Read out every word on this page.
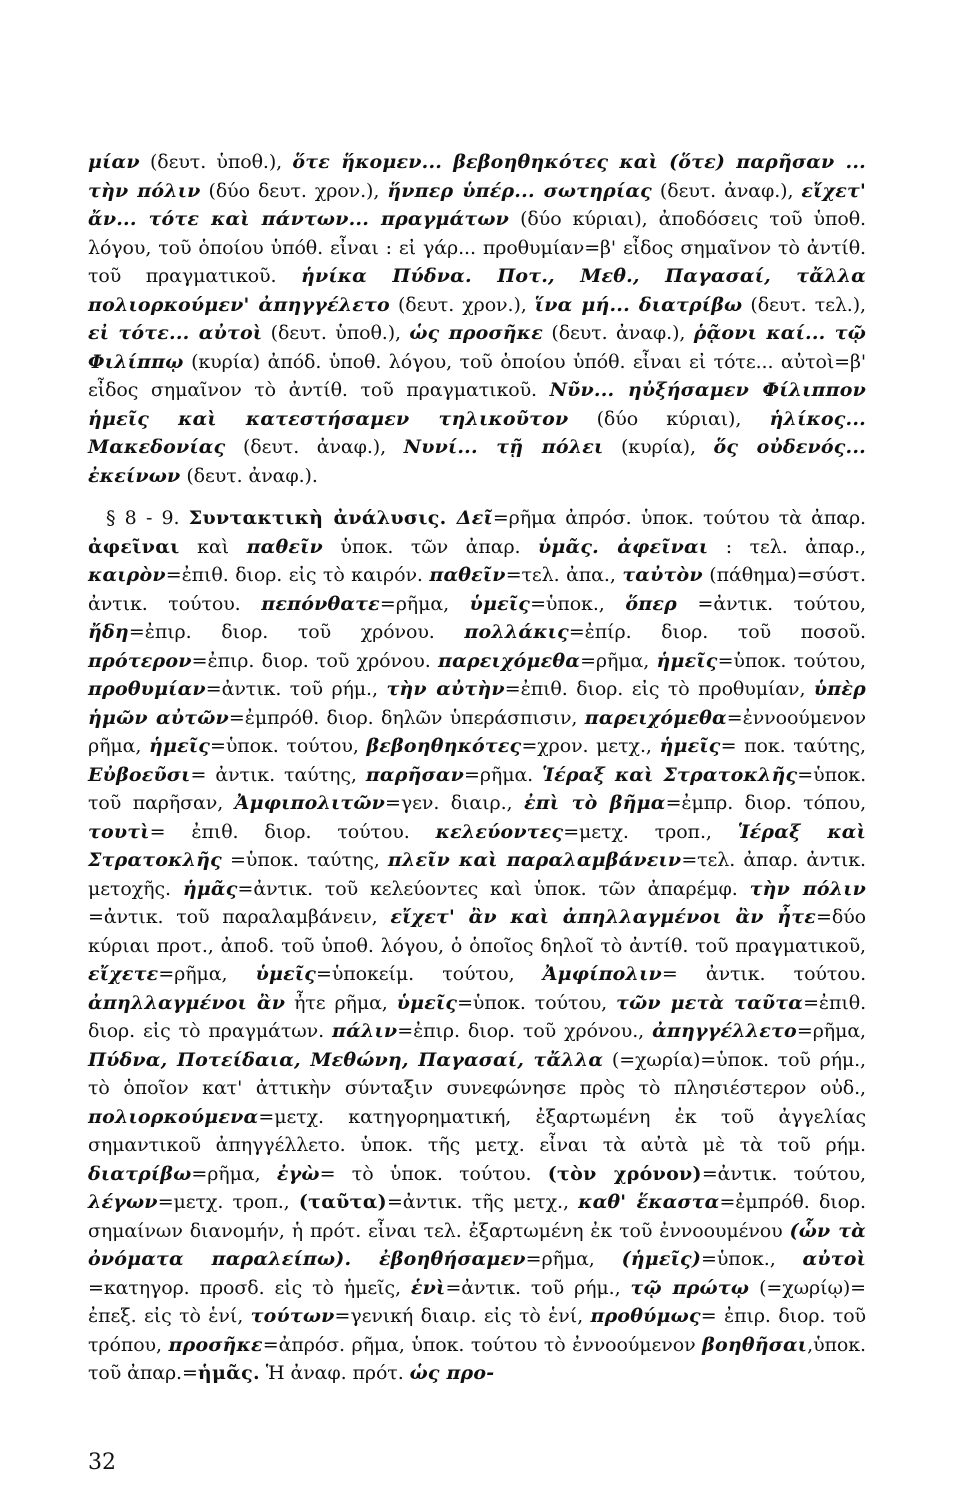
μίαν (δευτ. ὑποθ.), ὅτε ἥκομεν... βεβοηθηκότες καὶ (ὅτε) παρῆσαν ... τὴν πόλιν (δύο δευτ. χρον.), ἥνπερ ὑπέρ... σωτηρίας (δευτ. ἀναφ.), εἴχετ' ἄν... τότε καὶ πάντων... πραγμάτων (δύο κύριαι), ἀποδόσεις τοῦ ὑποθ. λόγου, τοῦ ὁποίου ὑπόθ. εἶναι : εἰ γάρ... προθυμίαν=β' εἶδος σημαῖνον τὸ ἀντίθ. τοῦ πραγματικοῦ. ἡνίκα Πύδνα. Ποτ., Μεθ., Παγασαί, τἄλλα πολιορκούμεν' ἀπηγγέλετο (δευτ. χρον.), ἵνα μή... διατρίβω (δευτ. τελ.), εἰ τότε... αὐτοὶ (δευτ. ὑποθ.), ὡς προσῆκε (δευτ. ἀναφ.), ῥᾷονι καί... τῷ Φιλίππῳ (κυρία) ἀπόδ. ὑποθ. λόγου, τοῦ ὁποίου ὑπόθ. εἶναι εἰ τότε... αὐτοὶ=β' εἶδος σημαῖνον τὸ ἀντίθ. τοῦ πραγματικοῦ. Νῦν... ηὐξήσαμεν Φίλιππον ἡμεῖς καὶ κατεστήσαμεν τηλικοῦτον (δύο κύριαι), ἡλίκος... Μακεδονίας (δευτ. ἀναφ.), Νυνί... τῇ πόλει (κυρία), ὅς οὐδενός... ἐκείνων (δευτ. ἀναφ.).

§ 8 - 9. Συντακτικὴ ἀνάλυσις. Δεῖ=ρῆμα ἀπρόσ. ὑποκ. τούτου τὰ ἀπαρ. ἀφεῖναι καὶ παθεῖν ὑποκ. τῶν ἀπαρ. ὑμᾶς. ἀφεῖναι : τελ. ἀπαρ., καιρὸν=ἐπιθ. διορ. εἰς τὸ καιρόν. παθεῖν=τελ. ἀπα., ταὐτὸν (πάθημα)=σύστ. ἀντικ. τούτου. πεπόνθατε=ρῆμα, ὑμεῖς=ὑποκ., ὅπερ =ἀντικ. τούτου, ἤδη=ἐπιρ. διορ. τοῦ χρόνου. πολλάκις=ἐπίρ. διορ. τοῦ ποσοῦ. πρότερον=ἐπιρ. διορ. τοῦ χρόνου. παρειχόμεθα=ρῆμα, ἡμεῖς=ὑποκ. τούτου, προθυμίαν=ἀντικ. τοῦ ρήμ., τὴν αὐτὴν=ἐπιθ. διορ. εἰς τὸ προθυμίαν, ὑπὲρ ἡμῶν αὐτῶν=ἐμπρόθ. διορ. δηλῶν ὑπεράσπισιν, παρειχόμεθα=ἐννοούμενον ρῆμα, ἡμεῖς=ὑποκ. τούτου, βεβοηθηκότες=χρον. μετχ., ἡμεῖς= ποκ. ταύτης, Εὐβοεῦσι= ἀντικ. ταύτης, παρῆσαν=ρῆμα. Ἱέραξ καὶ Στρατοκλῆς=ὑποκ. τοῦ παρῆσαν, Ἀμφιπολιτῶν=γεν. διαιρ., ἐπὶ τὸ βῆμα=ἐμπρ. διορ. τόπου, τουτὶ= ἐπιθ. διορ. τούτου. κελεύοντες=μετχ. τροπ., Ἱέραξ καὶ Στρατοκλῆς =ὑποκ. ταύτης, πλεῖν καὶ παραλαμβάνειν=τελ. ἀπαρ. ἀντικ. μετοχῆς. ἡμᾶς=ἀντικ. τοῦ κελεύοντες καὶ ὑποκ. τῶν ἀπαρέμφ. τὴν πόλιν =ἀντικ. τοῦ παραλαμβάνειν, εἴχετ' ἂν καὶ ἀπηλλαγμένοι ἂν ἦτε=δύο κύριαι προτ., ἀποδ. τοῦ ὑποθ. λόγου, ὁ ὁποῖος δηλοῖ τὸ ἀντίθ. τοῦ πραγματικοῦ, εἴχετε=ρῆμα, ὑμεῖς=ὑποκείμ. τούτου, Ἀμφίπολιν= ἀντικ. τούτου. ἀπηλλαγμένοι ἂν ἦτε ρῆμα, ὑμεῖς=ὑποκ. τούτου, τῶν μετὰ ταῦτα=ἐπιθ. διορ. εἰς τὸ πραγμάτων. πάλιν=ἐπιρ. διορ. τοῦ χρόνου., ἀπηγγέλλετο=ρῆμα, Πύδνα, Ποτείδαια, Μεθώνη, Παγασαί, τἄλλα (=χωρία)=ὑποκ. τοῦ ρήμ., τὸ ὁποῖον κατ' ἀττικὴν σύνταξιν συνεφώνησε πρὸς τὸ πλησιέστερον οὐδ., πολιορκούμενα=μετχ. κατηγορηματική, ἐξαρτωμένη ἐκ τοῦ ἀγγελίας σημαντικοῦ ἀπηγγέλλετο. ὑποκ. τῆς μετχ. εἶναι τὰ αὐτὰ μὲ τὰ τοῦ ρήμ. διατρίβω=ρῆμα, ἐγὼ= τὸ ὑποκ. τούτου. (τὸν χρόνον)=ἀντικ. τούτου, λέγων=μετχ. τροπ., (ταῦτα)=ἀντικ. τῆς μετχ., καθ' ἕκαστα=ἐμπρόθ. διορ. σημαίνων διανομήν, ἡ πρότ. εἶναι τελ. ἐξαρτωμένη ἐκ τοῦ ἐννοουμένου (ὧν τὰ ὀνόματα παραλείπω). ἐβοηθήσαμεν=ρῆμα, (ἡμεῖς)=ὑποκ., αὐτοὶ =κατηγορ. προσδ. εἰς τὸ ἡμεῖς, ἑνὶ=ἀντικ. τοῦ ρήμ., τῷ πρώτῳ (=χωρίῳ)= ἐπεξ. εἰς τὸ ἑνί, τούτων=γενική διαιρ. εἰς τὸ ἑνί, προθύμως= ἐπιρ. διορ. τοῦ τρόπου, προσῆκε=ἀπρόσ. ρῆμα, ὑποκ. τούτου τὸ ἐννοούμενον βοηθῆσαι,ὑποκ. τοῦ ἀπαρ.=ἡμᾶς. Ἡ ἀναφ. πρότ. ὡς προ-

32
